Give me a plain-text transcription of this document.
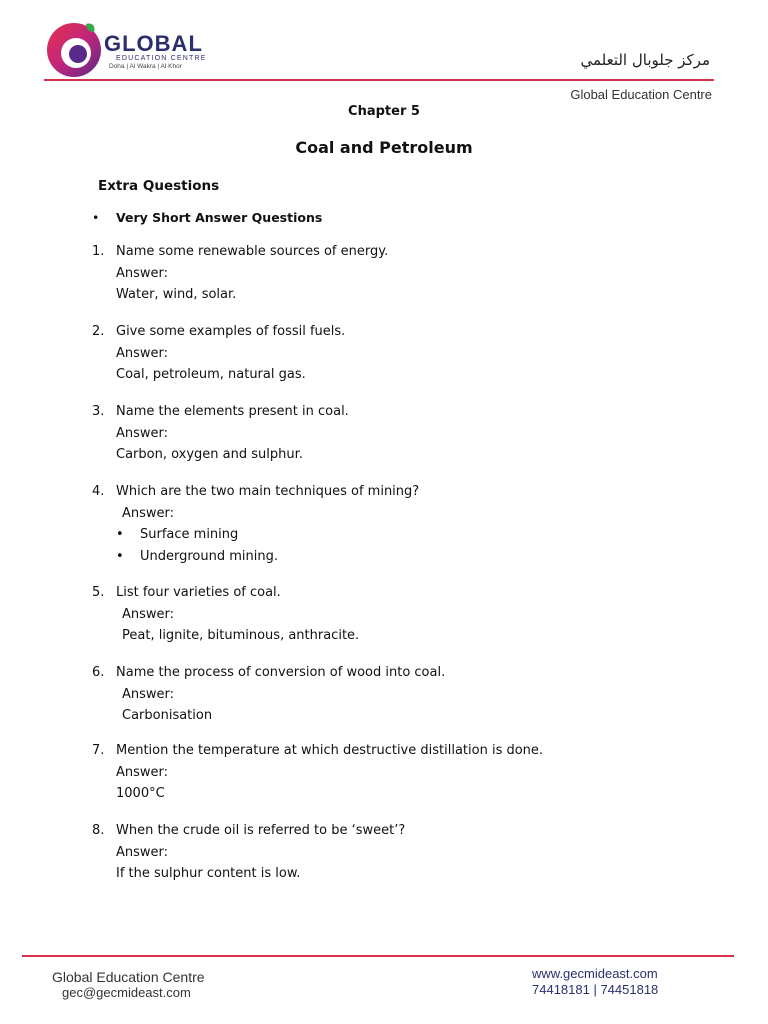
GLOBAL
EDUCATION CENTRE
Doha | Al Wakra | Al Khor	مركز جلوبال التعلمي
Global Education Centre
Chapter 5
Coal and Petroleum
Extra Questions
• Very Short Answer Questions
1. Name some renewable sources of energy.
Answer:
Water, wind, solar.
2. Give some examples of fossil fuels.
Answer:
Coal, petroleum, natural gas.
3. Name the elements present in coal.
Answer:
Carbon, oxygen and sulphur.
4. Which are the two main techniques of mining?
Answer:
• Surface mining
• Underground mining.
5. List four varieties of coal.
Answer:
Peat, lignite, bituminous, anthracite.
6. Name the process of conversion of wood into coal.
Answer:
Carbonisation
7. Mention the temperature at which destructive distillation is done.
Answer:
1000°C
8. When the crude oil is referred to be ‘sweet’?
Answer:
If the sulphur content is low.
Global Education Centre
gec@gecmideast.com
www.gecmideast.com
74418181 | 74451818
